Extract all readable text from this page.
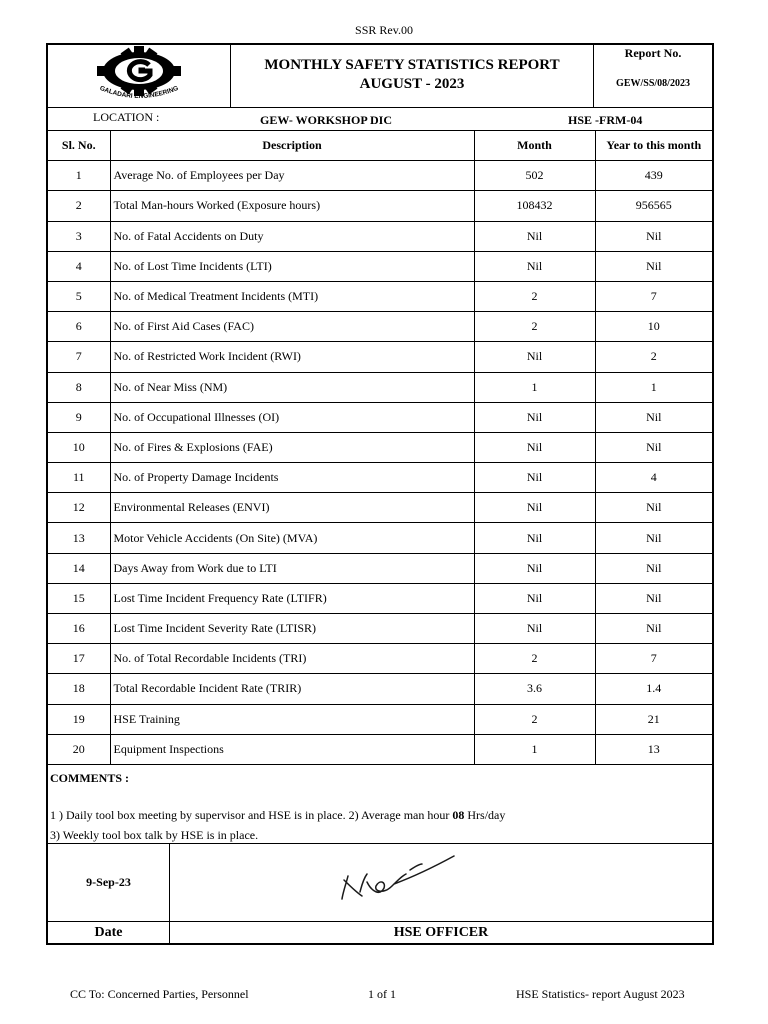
SSR Rev.00
GALADARI ENGINEERING
MONTHLY SAFETY STATISTICS REPORT
AUGUST - 2023
Report No.
GEW/SS/08/2023
LOCATION :	GEW- WORKSHOP DIC	HSE -FRM-04
Sl. No.	Description	Month	Year to this month
1	Average No. of Employees per Day	502	439
2	Total Man-hours Worked (Exposure hours)	108432	956565
3	No. of Fatal Accidents on Duty	Nil	Nil
4	No. of Lost Time Incidents (LTI)	Nil	Nil
5	No. of Medical Treatment Incidents (MTI)	2	7
6	No. of First Aid Cases (FAC)	2	10
7	No. of Restricted Work Incident (RWI)	Nil	2
8	No. of Near Miss (NM)	1	1
9	No. of Occupational Illnesses (OI)	Nil	Nil
10	No. of Fires & Explosions (FAE)	Nil	Nil
11	No. of Property Damage Incidents	Nil	4
12	Environmental Releases (ENVI)	Nil	Nil
13	Motor Vehicle Accidents (On Site) (MVA)	Nil	Nil
14	Days Away from Work due to LTI	Nil	Nil
15	Lost Time Incident Frequency Rate (LTIFR)	Nil	Nil
16	Lost Time Incident Severity Rate (LTISR)	Nil	Nil
17	No. of Total Recordable Incidents (TRI)	2	7
18	Total Recordable Incident Rate (TRIR)	3.6	1.4
19	HSE Training	2	21
20	Equipment Inspections	1	13
COMMENTS :
1 ) Daily tool box meeting by supervisor and HSE is in place. 2) Average man hour 08 Hrs/day
3) Weekly tool box talk by HSE is in place.
9-Sep-23
Date	HSE OFFICER
CC To: Concerned Parties, Personnel	1 of 1	HSE Statistics- report August 2023
